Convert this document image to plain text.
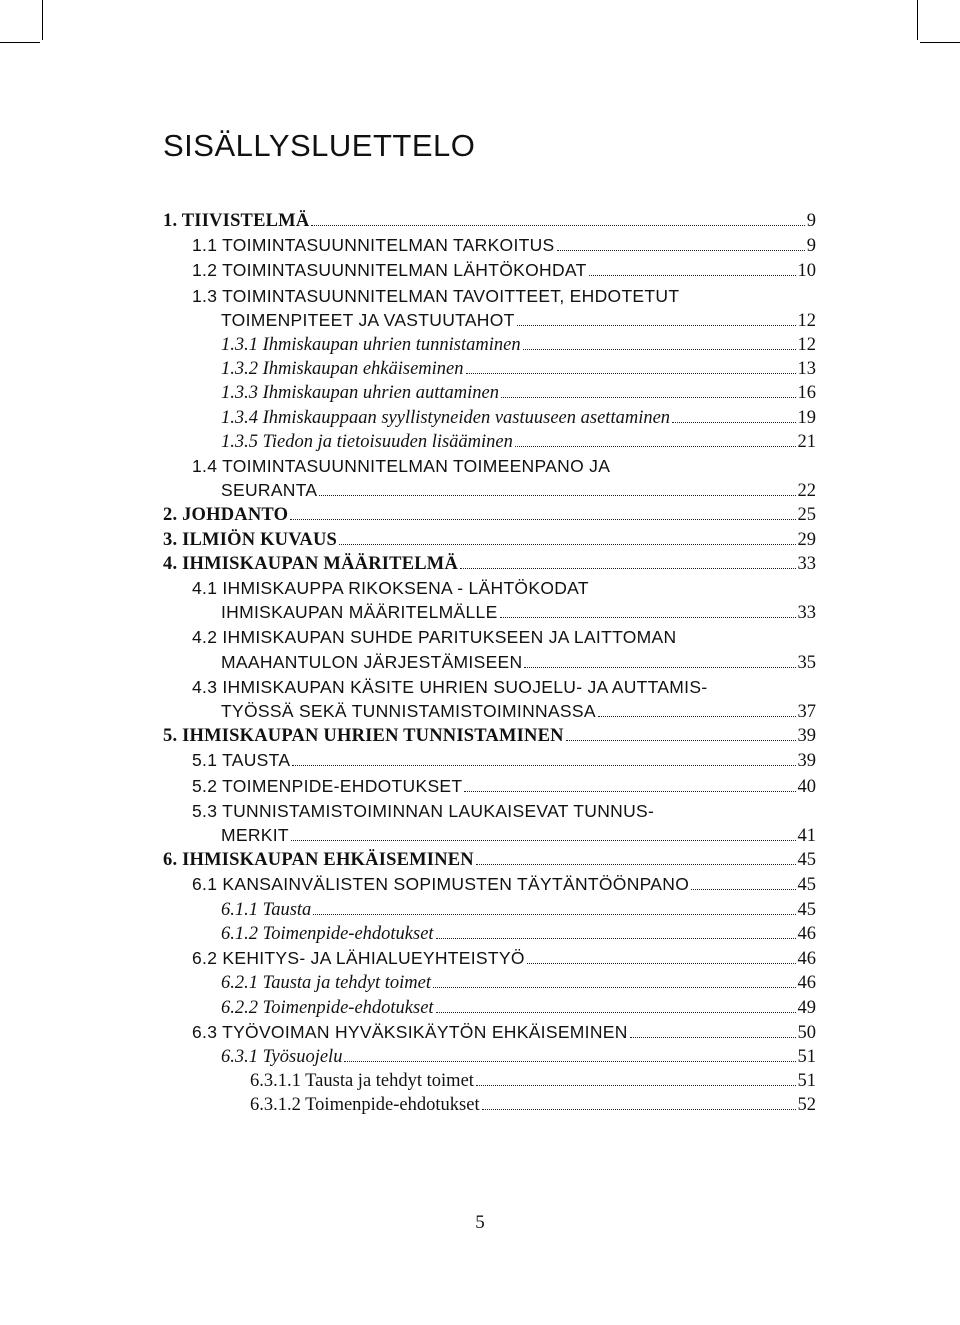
SISÄLLYSLUETTELO
1. TIIVISTELMÄ	9
1.1 TOIMINTASUUNNITELMAN TARKOITUS	9
1.2 TOIMINTASUUNNITELMAN LÄHTÖKOHDAT	10
1.3 TOIMINTASUUNNITELMAN TAVOITTEET, EHDOTETUT
TOIMENPITEET JA VASTUUTAHOT	12
1.3.1 Ihmiskaupan uhrien tunnistaminen	12
1.3.2 Ihmiskaupan ehkäiseminen	13
1.3.3 Ihmiskaupan uhrien auttaminen	16
1.3.4 Ihmiskauppaan syyllistyneiden vastuuseen asettaminen	19
1.3.5 Tiedon ja tietoisuuden lisääminen	21
1.4 TOIMINTASUUNNITELMAN TOIMEENPANO JA
SEURANTA	22
2. JOHDANTO	25
3. ILMIÖN KUVAUS	29
4. IHMISKAUPAN MÄÄRITELMÄ	33
4.1 IHMISKAUPPA RIKOKSENA - LÄHTÖKODAT
IHMISKAUPAN MÄÄRITELMÄLLE	33
4.2 IHMISKAUPAN SUHDE PARITUKSEEN JA LAITTOMAN
MAAHANTULON JÄRJESTÄMISEEN	35
4.3 IHMISKAUPAN KÄSITE UHRIEN SUOJELU- JA AUTTAMIS-
TYÖSSÄ SEKÄ TUNNISTAMISTOIMINNASSA	37
5. IHMISKAUPAN UHRIEN TUNNISTAMINEN	39
5.1 TAUSTA	39
5.2 TOIMENPIDE-EHDOTUKSET	40
5.3 TUNNISTAMISTOIMINNAN LAUKAISEVAT TUNNUS-
MERKIT	41
6. IHMISKAUPAN EHKÄISEMINEN	45
6.1 KANSAINVÄLISTEN SOPIMUSTEN TÄYTÄNTÖÖNPANO	45
6.1.1 Tausta	45
6.1.2 Toimenpide-ehdotukset	46
6.2 KEHITYS- JA LÄHIALUEYHTEISTYÖ	46
6.2.1 Tausta ja tehdyt toimet	46
6.2.2 Toimenpide-ehdotukset	49
6.3 TYÖVOIMAN HYVÄKSIKÄYTÖN EHKÄISEMINEN	50
6.3.1 Työsuojelu	51
6.3.1.1 Tausta ja tehdyt toimet	51
6.3.1.2 Toimenpide-ehdotukset	52
5
